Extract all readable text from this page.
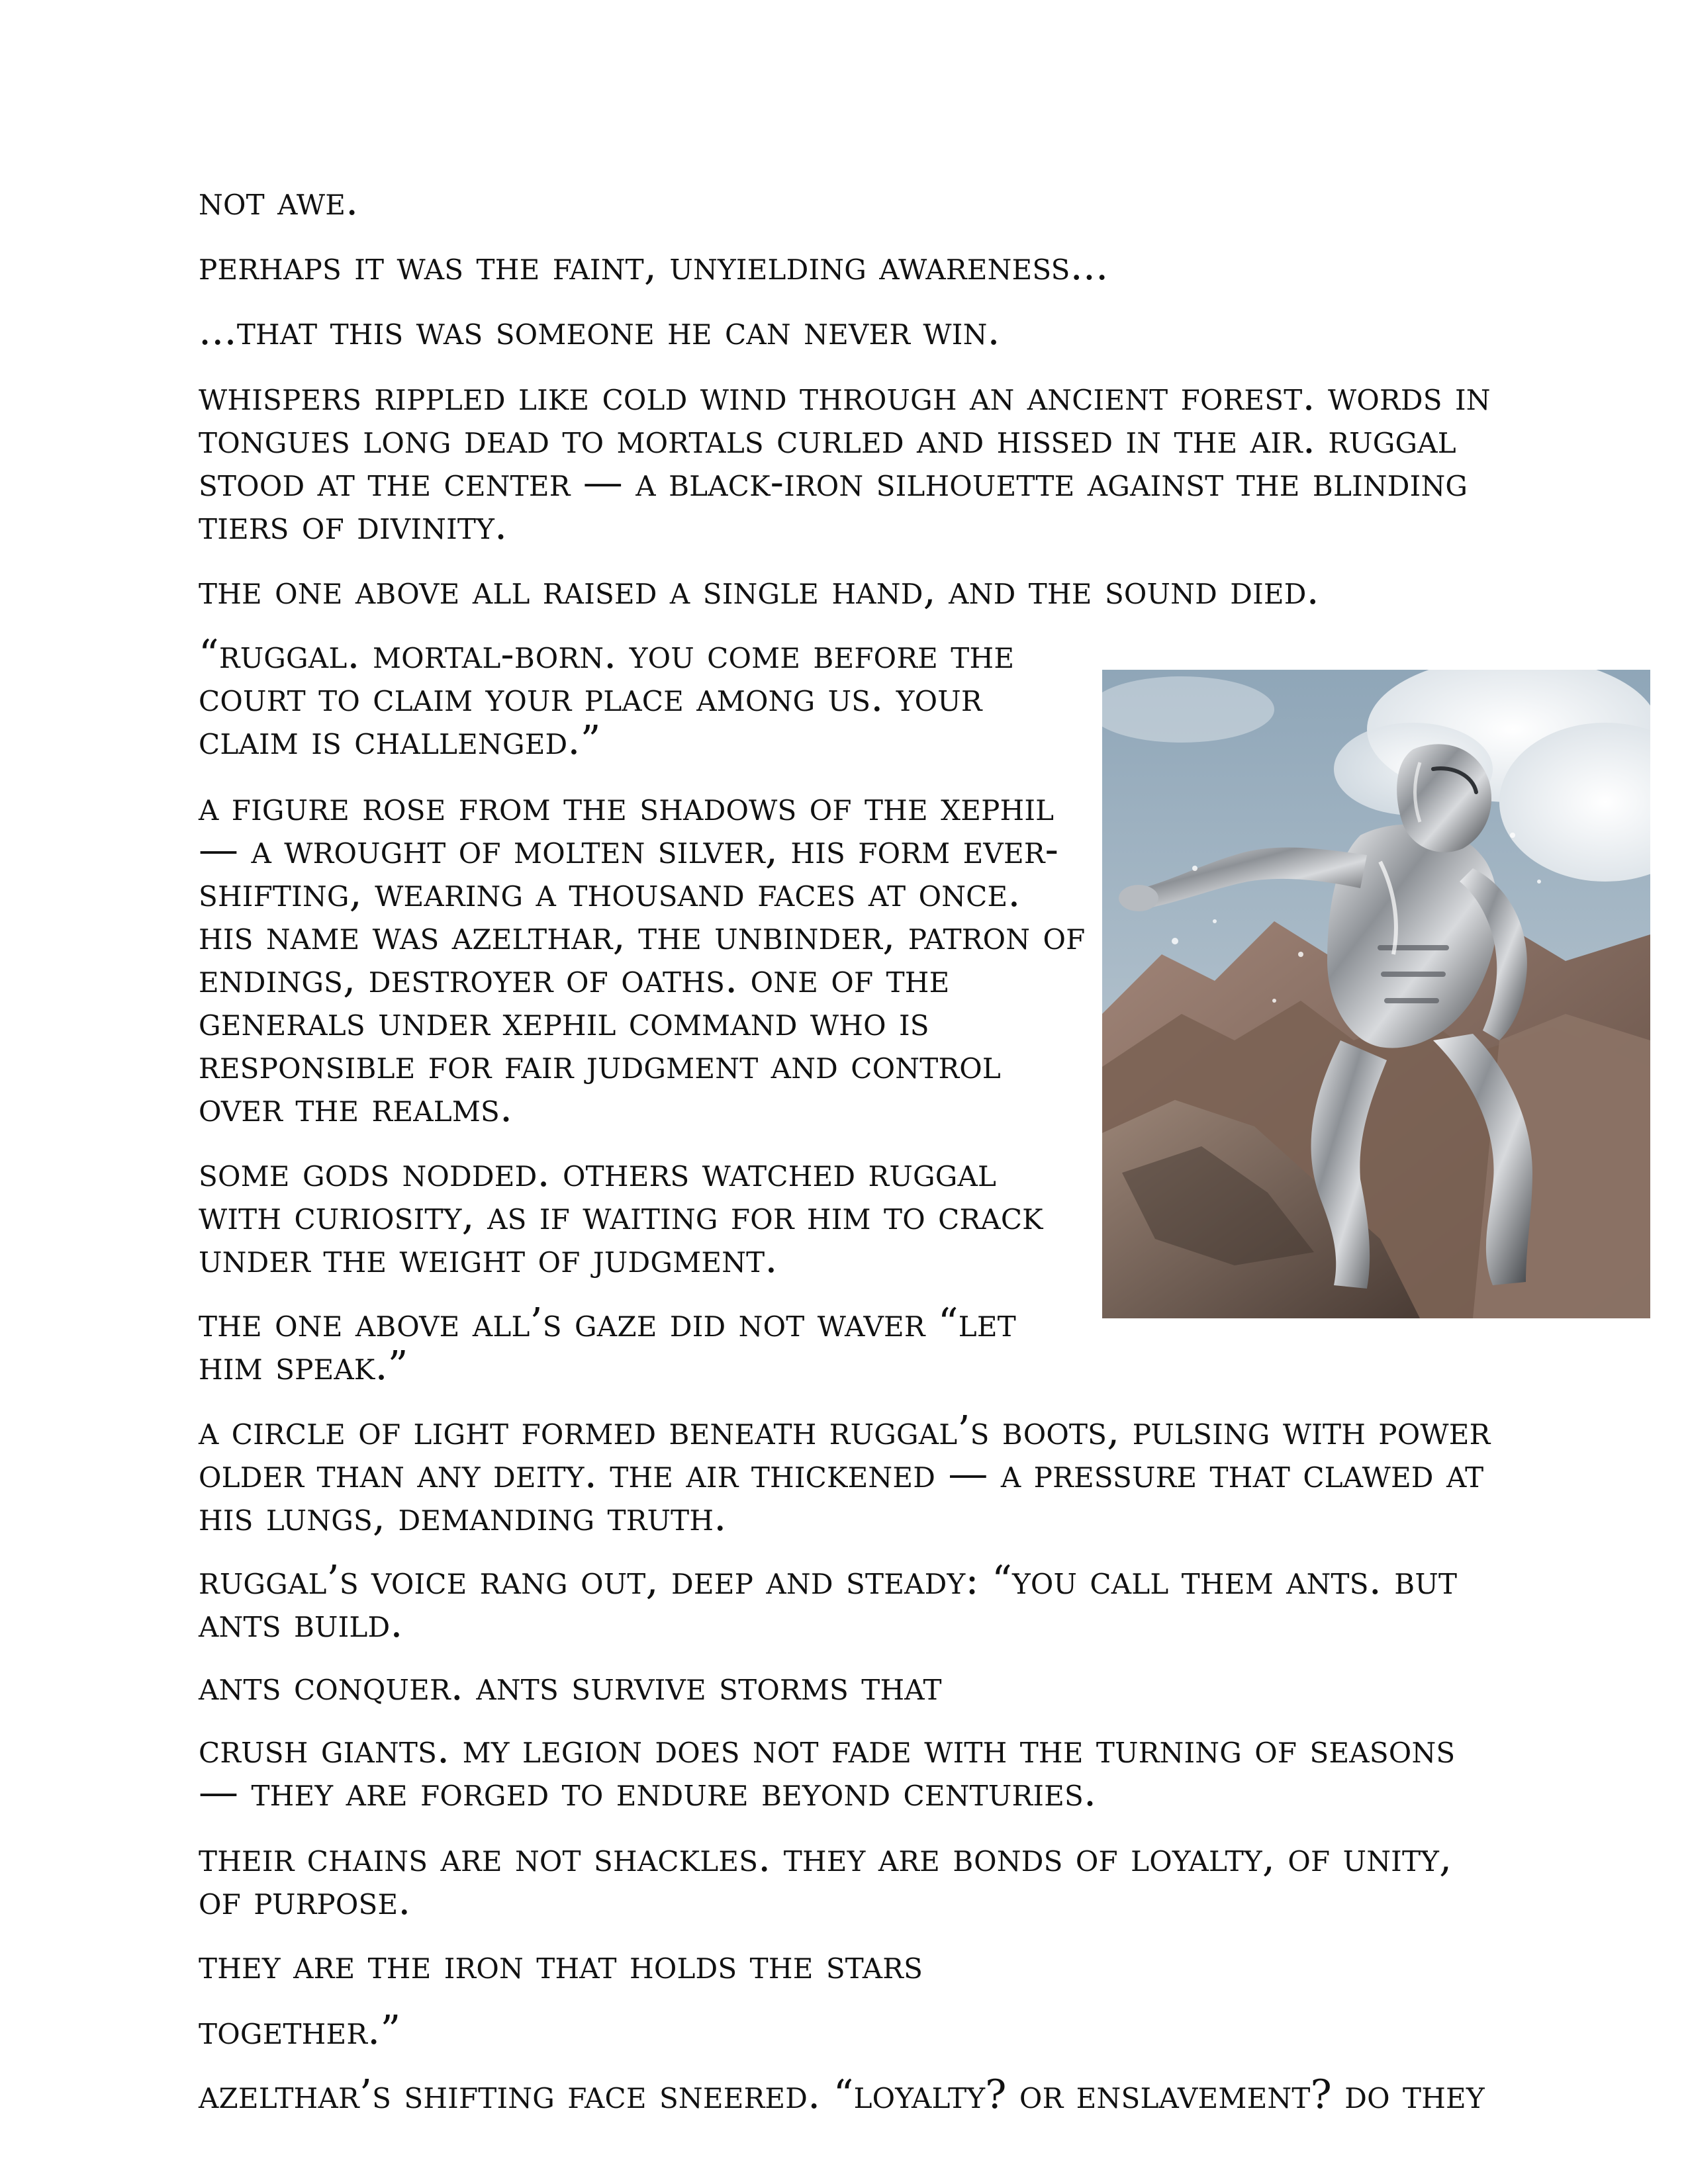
not awe.

perhaps it was the faint, unyielding awareness...

...that this was someone he can never win.

whispers rippled like cold wind through an ancient forest. words in tongues long dead to mortals curled and hissed in the air. ruggal stood at the center — a black-iron silhouette against the blinding tiers of divinity.

the one above all raised a single hand, and the sound died.

“ruggal. mortal-born. you come before the court to claim your place among us. your claim is challenged.”

a figure rose from the shadows of the xephil — a wrought of molten silver, his form ever-shifting, wearing a thousand faces at once. his name was azelthar, the unbinder, patron of endings, destroyer of oaths. one of the generals under xephil command who is responsible for fair judgment and control over the realms.

some gods nodded. others watched ruggal with curiosity, as if waiting for him to crack under the weight of judgment.

the one above all’s gaze did not waver “let him speak.”

a circle of light formed beneath ruggal’s boots, pulsing with power older than any deity. the air thickened — a pressure that clawed at his lungs, demanding truth.

ruggal’s voice rang out, deep and steady: “you call them ants. but ants build.

ants conquer. ants survive storms that

crush giants. my legion does not fade with the turning of seasons — they are forged to endure beyond centuries.

their chains are not shackles. they are bonds of loyalty, of unity, of purpose.

they are the iron that holds the stars

together.”

azelthar’s shifting face sneered. “loyalty? or enslavement? do they
